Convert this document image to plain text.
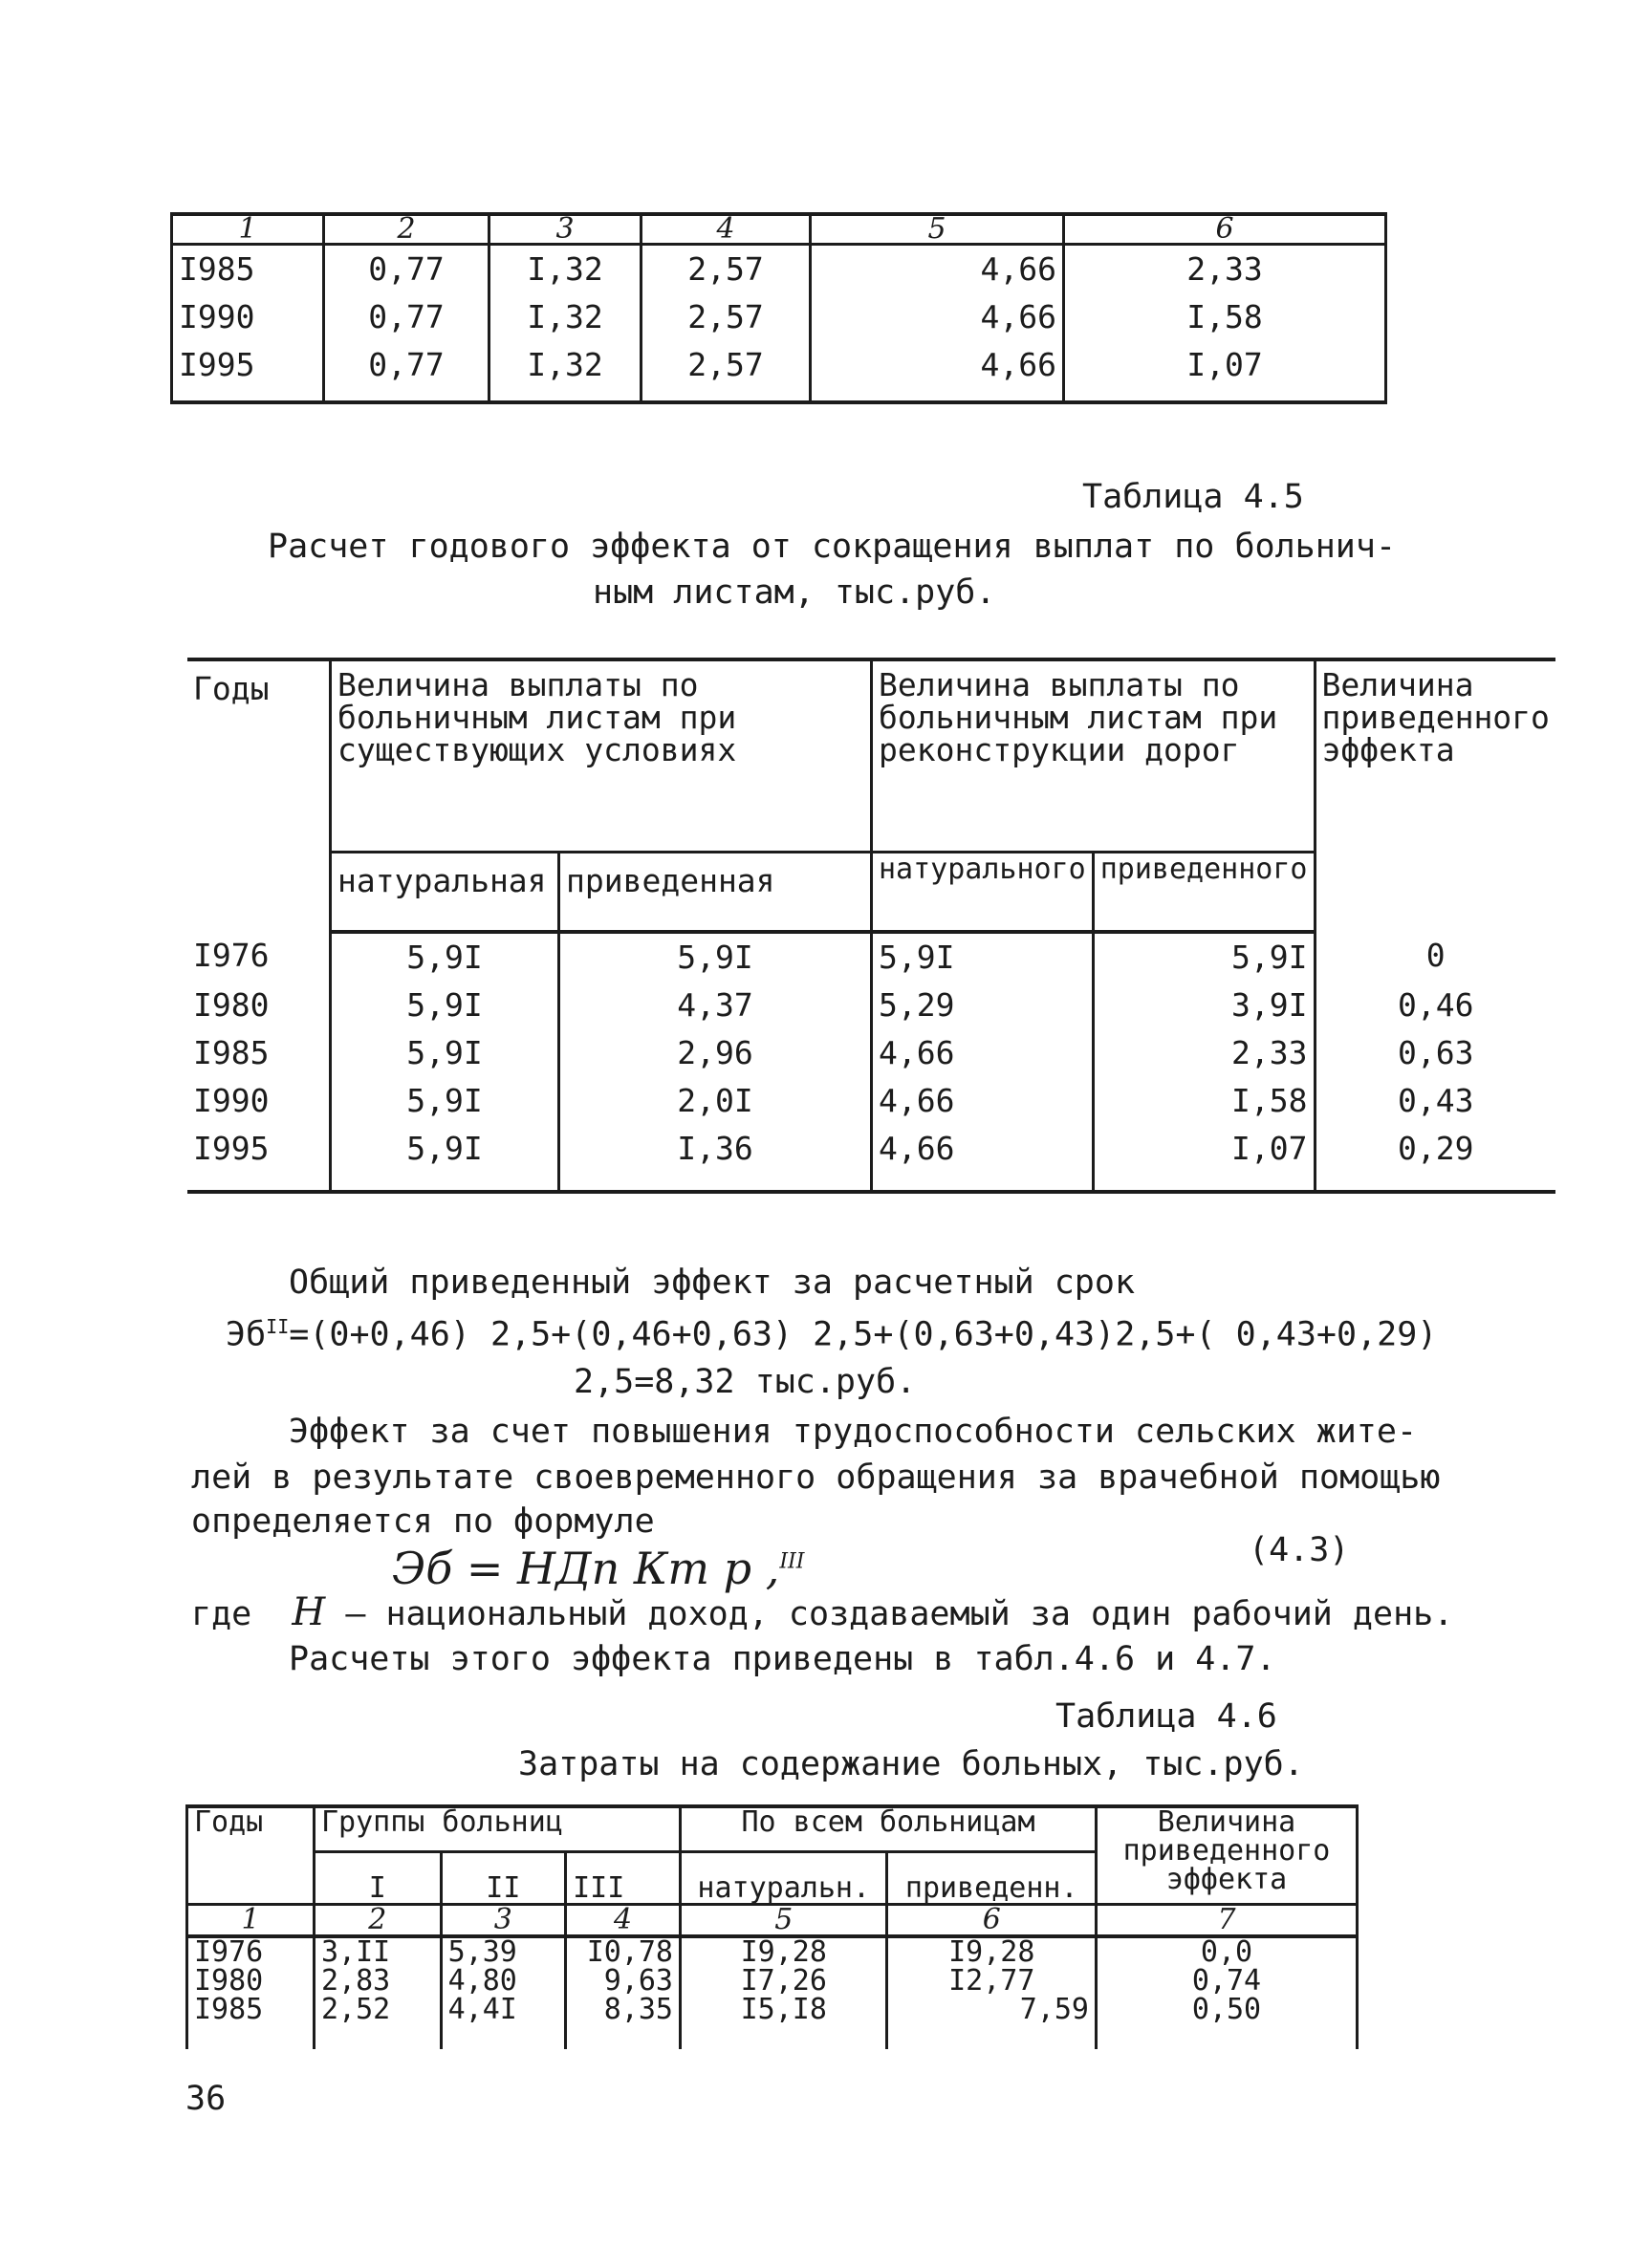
1	2	3	4	5	6
I985	0,77	I,32	2,57	4,66	2,33
I990	0,77	I,32	2,57	4,66	I,58
I995	0,77	I,32	2,57	4,66	I,07
Таблица 4.5
Расчет годового эффекта от сокращения выплат по больнич-
ным листам, тыс.руб.
Годы	Величина выплаты по больничным листам при существующих условиях		Величина выплаты по больничным листам при реконструкции дорог		Величина приведенного эффекта
	натуральная	приведенная	натурального	приведенного	
I976	5,9I	5,9I	5,9I	5,9I	0
I980	5,9I	4,37	5,29	3,9I	0,46
I985	5,9I	2,96	4,66	2,33	0,63
I990	5,9I	2,0I	4,66	I,58	0,43
I995	5,9I	I,36	4,66	I,07	0,29
Общий приведенный эффект за расчетный срок
$Эб^{II}=(0+0,46)$ 2,5+(0,46+0,63) 2,5+(0,63+0,43)2,5+( 0,43+0,29)
2,5=8,32 тыс.руб.
Эффект за счет повышения трудоспособности сельских жите-
лей в результате своевременного обращения за врачебной помощью
определяется по формуле
Эб = НДп Кт р ,$^{III}$	(4.3)
где Н – национальный доход, создаваемый за один рабочий день.
Расчеты этого эффекта приведены в табл.4.6 и 4.7.
Таблица 4.6
Затраты на содержание больных, тыс.руб.
Годы	Группы больниц			По всем больницам		Величина приведенного эффекта
	I	II	III	натуральн.	приведенн.	
1	2	3	4	5	6	7
I976	3,II	5,39	I0,78	I9,28	I9,28	0,0
I980	2,83	4,80	9,63	I7,26	I2,77	0,74
I985	2,52	4,4I	8,35	I5,I8	7,59	0,50
36
